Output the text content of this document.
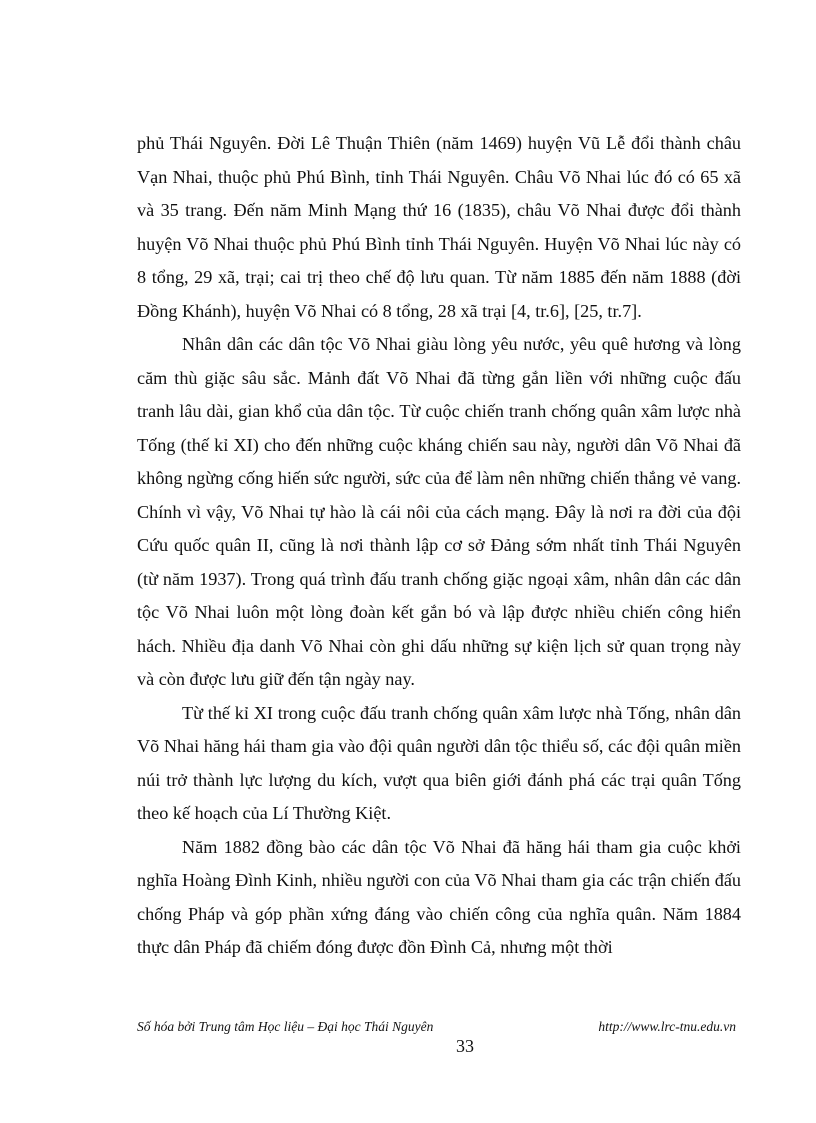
phủ Thái Nguyên. Đời Lê Thuận Thiên (năm 1469) huyện Vũ Lễ đổi thành châu Vạn Nhai, thuộc phủ Phú Bình, tỉnh Thái Nguyên. Châu Võ Nhai lúc đó có 65 xã và 35 trang. Đến năm Minh Mạng thứ 16 (1835), châu Võ Nhai được đổi thành huyện Võ Nhai thuộc phủ Phú Bình tỉnh Thái Nguyên. Huyện Võ Nhai lúc này có 8 tổng, 29 xã, trại; cai trị theo chế độ lưu quan. Từ năm 1885 đến năm 1888 (đời Đồng Khánh), huyện Võ Nhai có 8 tổng, 28 xã trại [4, tr.6], [25, tr.7].

Nhân dân các dân tộc Võ Nhai giàu lòng yêu nước, yêu quê hương và lòng căm thù giặc sâu sắc. Mảnh đất Võ Nhai đã từng gắn liền với những cuộc đấu tranh lâu dài, gian khổ của dân tộc. Từ cuộc chiến tranh chống quân xâm lược nhà Tống (thế kỉ XI) cho đến những cuộc kháng chiến sau này, người dân Võ Nhai đã không ngừng cống hiến sức người, sức của để làm nên những chiến thắng vẻ vang. Chính vì vậy, Võ Nhai tự hào là cái nôi của cách mạng. Đây là nơi ra đời của đội Cứu quốc quân II, cũng là nơi thành lập cơ sở Đảng sớm nhất tỉnh Thái Nguyên (từ năm 1937). Trong quá trình đấu tranh chống giặc ngoại xâm, nhân dân các dân tộc Võ Nhai luôn một lòng đoàn kết gắn bó và lập được nhiều chiến công hiển hách. Nhiều địa danh Võ Nhai còn ghi dấu những sự kiện lịch sử quan trọng này và còn được lưu giữ đến tận ngày nay.

Từ thế kỉ XI trong cuộc đấu tranh chống quân xâm lược nhà Tống, nhân dân Võ Nhai hăng hái tham gia vào đội quân người dân tộc thiểu số, các đội quân miền núi trở thành lực lượng du kích, vượt qua biên giới đánh phá các trại quân Tống theo kế hoạch của Lí Thường Kiệt.

Năm 1882 đồng bào các dân tộc Võ Nhai đã hăng hái tham gia cuộc khởi nghĩa Hoàng Đình Kinh, nhiều người con của Võ Nhai tham gia các trận chiến đấu chống Pháp và góp phần xứng đáng vào chiến công của nghĩa quân. Năm 1884 thực dân Pháp đã chiếm đóng được đồn Đình Cả, nhưng một thời

Số hóa bởi Trung tâm Học liệu – Đại học Thái Nguyên
33
http://www.lrc-tnu.edu.vn
